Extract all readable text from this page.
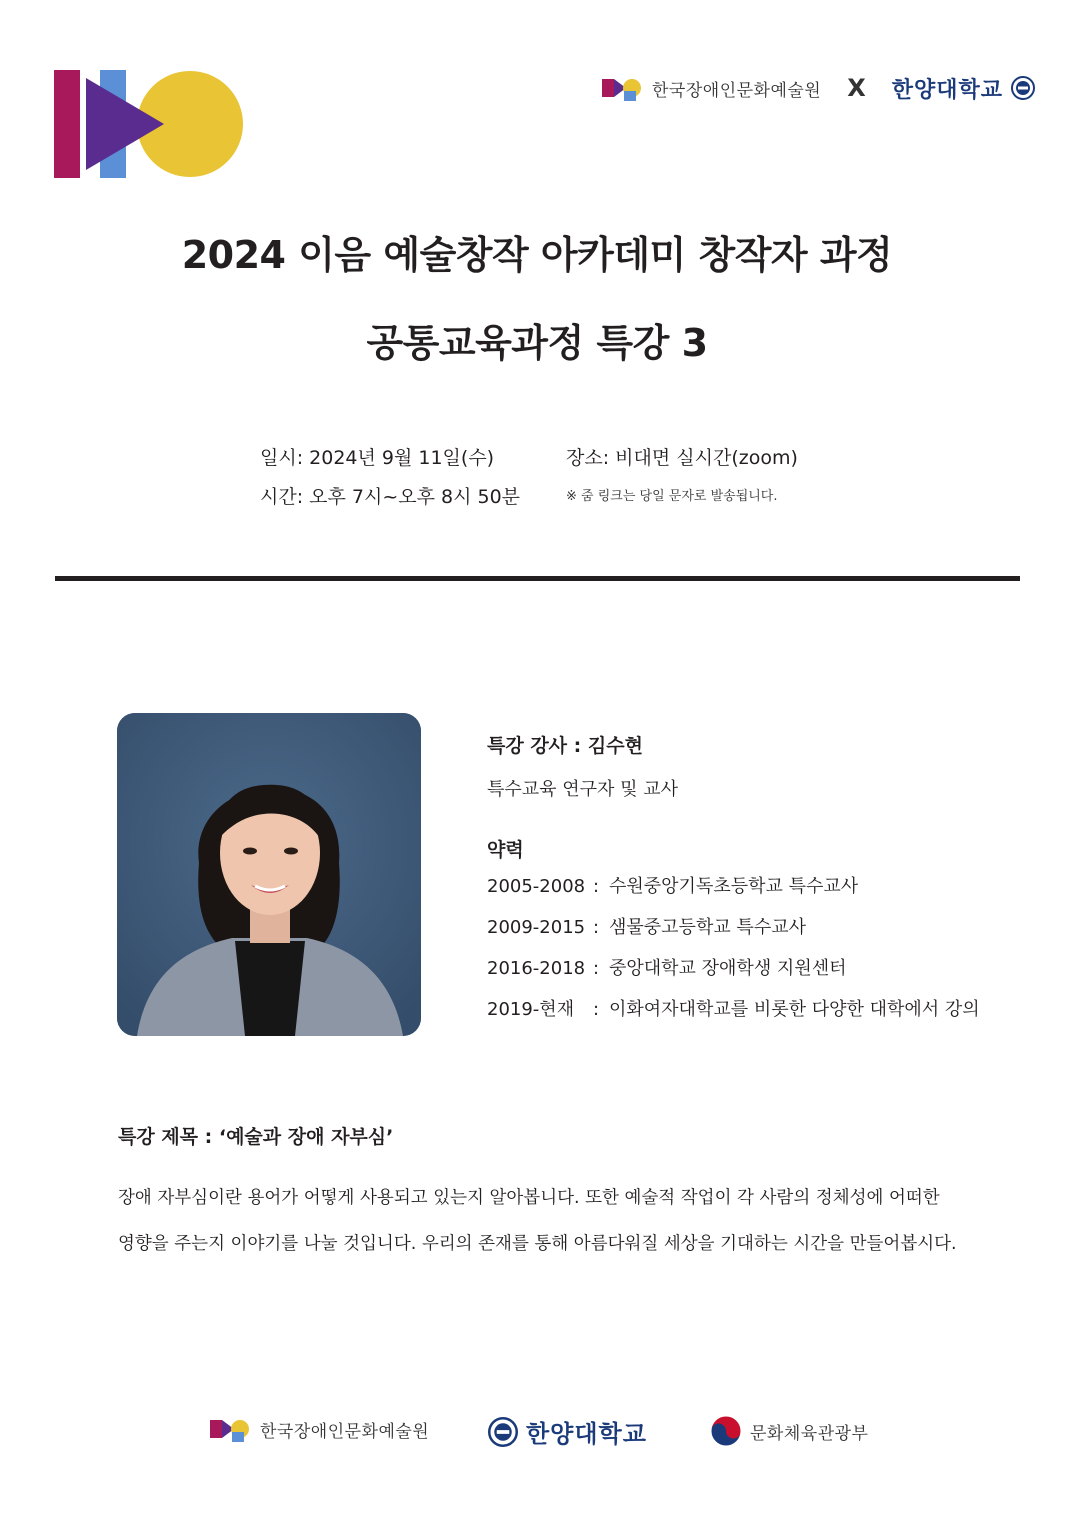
한국장애인문화예술원 X 한양대학교
2024 이음 예술창작 아카데미 창작자 과정
공통교육과정 특강 3
일시: 2024년 9월 11일(수)
시간: 오후 7시~오후 8시 50분
장소: 비대면 실시간(zoom)
※ 줌 링크는 당일 문자로 발송됩니다.
특강 강사 : 김수현
특수교육 연구자 및 교사
약력
2005-2008 : 수원중앙기독초등학교 특수교사
2009-2015 : 샘물중고등학교 특수교사
2016-2018 : 중앙대학교 장애학생 지원센터
2019-현재 : 이화여자대학교를 비롯한 다양한 대학에서 강의
특강 제목 : ‘예술과 장애 자부심’
장애 자부심이란 용어가 어떻게 사용되고 있는지 알아봅니다. 또한 예술적 작업이 각 사람의 정체성에 어떠한
영향을 주는지 이야기를 나눌 것입니다. 우리의 존재를 통해 아름다워질 세상을 기대하는 시간을 만들어봅시다.
한국장애인문화예술원	한양대학교	문화체육관광부
